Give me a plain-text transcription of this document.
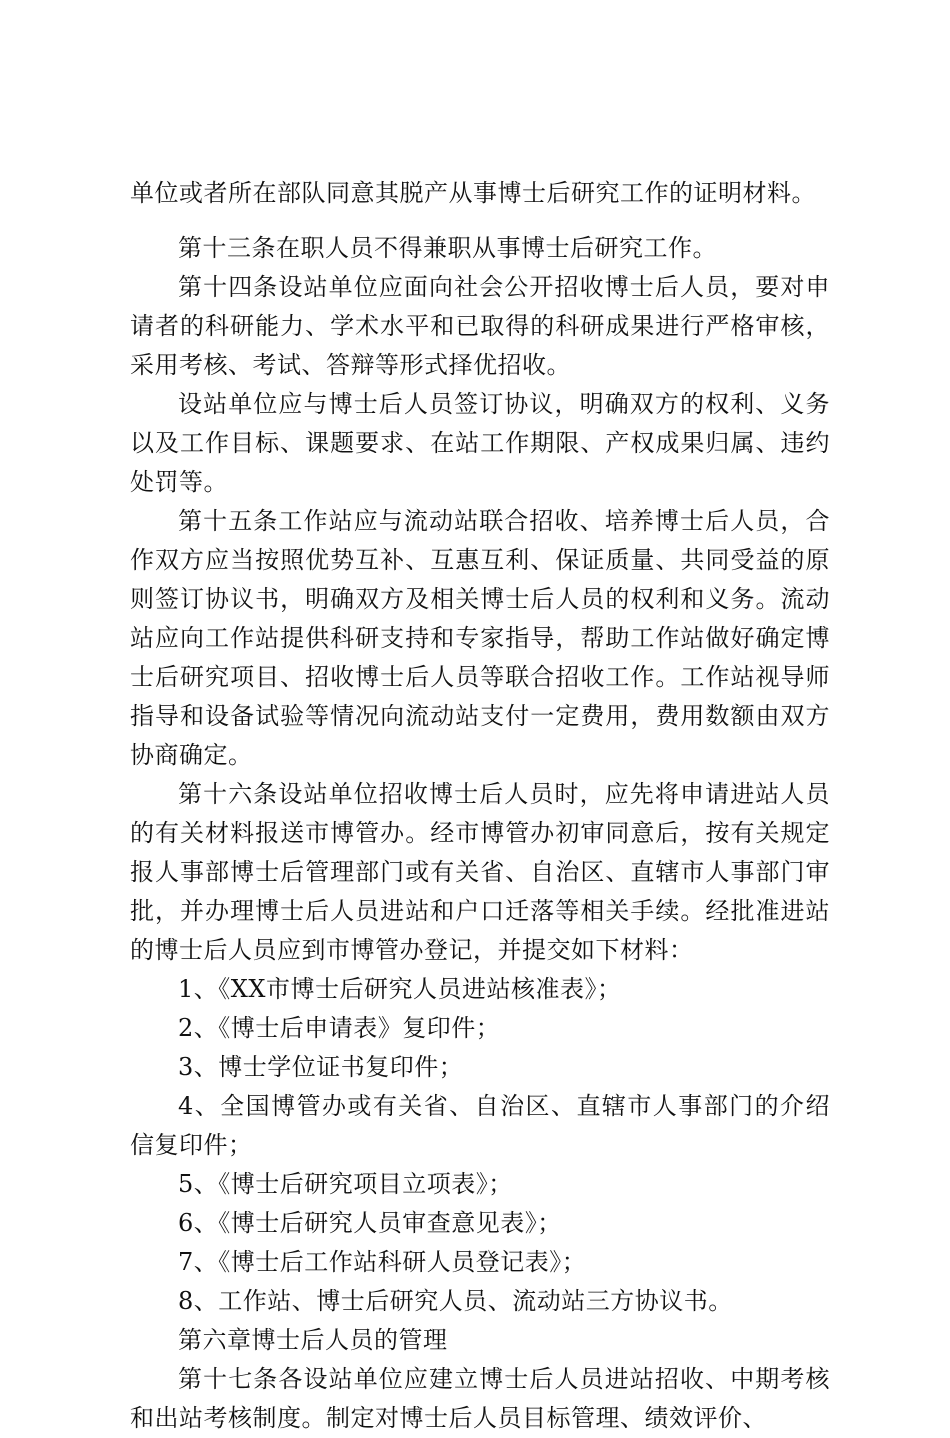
单位或者所在部队同意其脱产从事博士后研究工作的证明材料。

第十三条在职人员不得兼职从事博士后研究工作。

第十四条设站单位应面向社会公开招收博士后人员，要对申请者的科研能力、学术水平和已取得的科研成果进行严格审核，采用考核、考试、答辩等形式择优招收。

设站单位应与博士后人员签订协议，明确双方的权利、义务以及工作目标、课题要求、在站工作期限、产权成果归属、违约处罚等。

第十五条工作站应与流动站联合招收、培养博士后人员，合作双方应当按照优势互补、互惠互利、保证质量、共同受益的原则签订协议书，明确双方及相关博士后人员的权利和义务。流动站应向工作站提供科研支持和专家指导，帮助工作站做好确定博士后研究项目、招收博士后人员等联合招收工作。工作站视导师指导和设备试验等情况向流动站支付一定费用，费用数额由双方协商确定。

第十六条设站单位招收博士后人员时，应先将申请进站人员的有关材料报送市博管办。经市博管办初审同意后，按有关规定报人事部博士后管理部门或有关省、自治区、直辖市人事部门审批，并办理博士后人员进站和户口迁落等相关手续。经批准进站的博士后人员应到市博管办登记，并提交如下材料：

1、《XX市博士后研究人员进站核准表》；

2、《博士后申请表》复印件；

3、博士学位证书复印件；

4、全国博管办或有关省、自治区、直辖市人事部门的介绍信复印件；

5、《博士后研究项目立项表》；

6、《博士后研究人员审查意见表》；

7、《博士后工作站科研人员登记表》；

8、工作站、博士后研究人员、流动站三方协议书。

第六章博士后人员的管理

第十七条各设站单位应建立博士后人员进站招收、中期考核和出站考核制度。制定对博士后人员目标管理、绩效评价、
